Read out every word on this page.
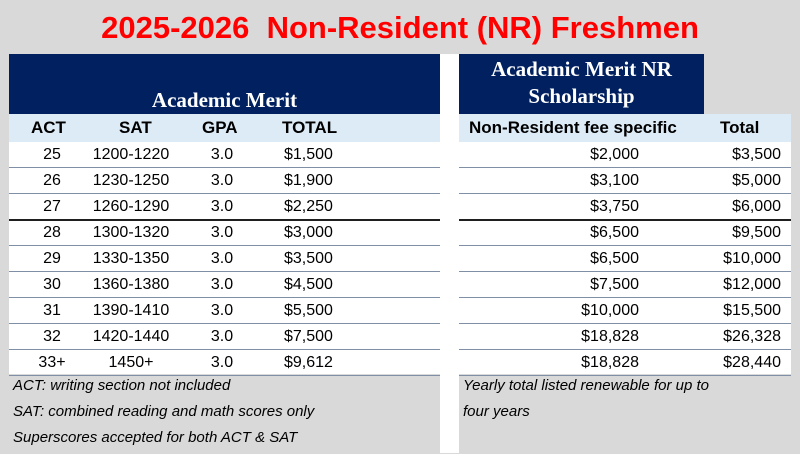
2025-2026  Non-Resident (NR) Freshmen
Academic Merit
Academic Merit NR
Scholarship
ACT	SAT	GPA	TOTAL
25	1200-1220	3.0	$1,500
26	1230-1250	3.0	$1,900
27	1260-1290	3.0	$2,250
28	1300-1320	3.0	$3,000
29	1330-1350	3.0	$3,500
30	1360-1380	3.0	$4,500
31	1390-1410	3.0	$5,500
32	1420-1440	3.0	$7,500
33+	1450+	3.0	$9,612
Non-Resident fee specific	Total
$2,000	$3,500
$3,100	$5,000
$3,750	$6,000
$6,500	$9,500
$6,500	$10,000
$7,500	$12,000
$10,000	$15,500
$18,828	$26,328
$18,828	$28,440
ACT: writing section not included
SAT: combined reading and math scores only
Superscores accepted for both ACT & SAT
Yearly total listed renewable for up to
four years
